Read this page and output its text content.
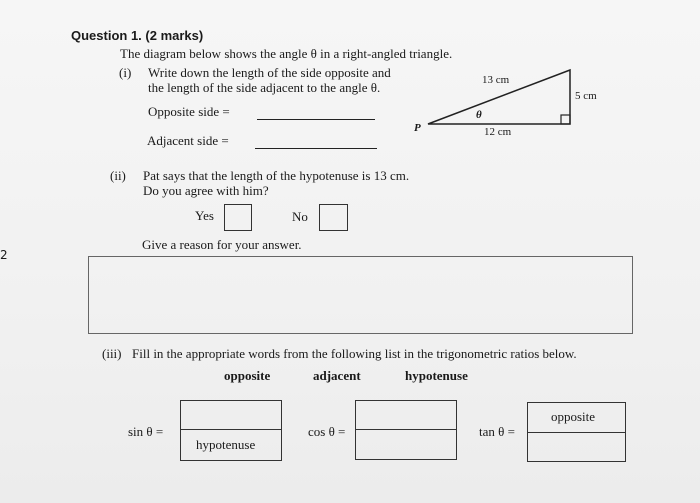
Question 1. (2 marks)
The diagram below shows the angle θ in a right-angled triangle.
(i) Write down the length of the side opposite and
the length of the side adjacent to the angle θ.
Opposite side =
Adjacent side =
13 cm
5 cm
12 cm
θ
P
(ii) Pat says that the length of the hypotenuse is 13 cm.
Do you agree with him?
Yes	No
Give a reason for your answer.
(iii) Fill in the appropriate words from the following list in the trigonometric ratios below.
opposite	adjacent	hypotenuse
sin θ =
hypotenuse
cos θ =	tan θ =
opposite
2
